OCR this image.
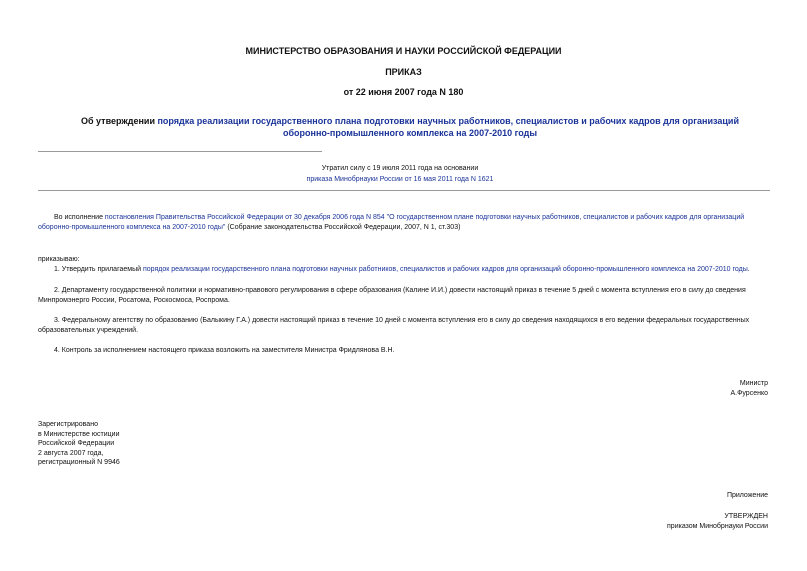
МИНИСТЕРСТВО ОБРАЗОВАНИЯ И НАУКИ РОССИЙСКОЙ ФЕДЕРАЦИИ
ПРИКАЗ
от 22 июня 2007 года N 180
Об утверждении порядка реализации государственного плана подготовки научных работников, специалистов и рабочих кадров для организаций оборонно-промышленного комплекса на 2007-2010 годы
Утратил силу с 19 июля 2011 года на основании
приказа Минобрнауки России от 16 мая 2011 года N 1621
Во исполнение постановления Правительства Российской Федерации от 30 декабря 2006 года N 854 "О государственном плане подготовки научных работников, специалистов и рабочих кадров для организаций оборонно-промышленного комплекса на 2007-2010 годы" (Собрание законодательства Российской Федерации, 2007, N 1, ст.303)
приказываю:
1. Утвердить прилагаемый порядок реализации государственного плана подготовки научных работников, специалистов и рабочих кадров для организаций оборонно-промышленного комплекса на 2007-2010 годы.
2. Департаменту государственной политики и нормативно-правового регулирования в сфере образования (Калине И.И.) довести настоящий приказ в течение 5 дней с момента вступления его в силу до сведения Минпромэнерго России, Росатома, Роскосмоса, Роспрома.
3. Федеральному агентству по образованию (Балыкину Г.А.) довести настоящий приказ в течение 10 дней с момента вступления его в силу до сведения находящихся в его ведении федеральных государственных образовательных учреждений.
4. Контроль за исполнением настоящего приказа возложить на заместителя Министра Фридлянова В.Н.
Министр
А.Фурсенко
Зарегистрировано
в Министерстве юстиции
Российской Федерации
2 августа 2007 года,
регистрационный N 9946
Приложение
УТВЕРЖДЕН
приказом Минобрнауки России
